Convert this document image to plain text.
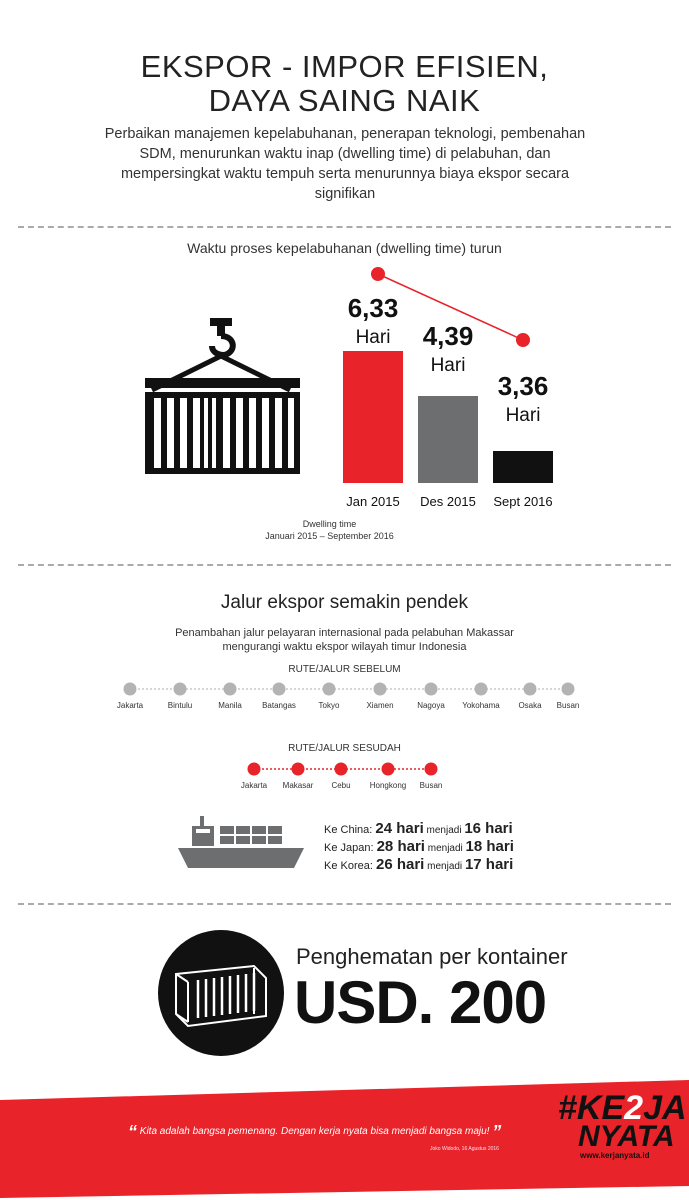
EKSPOR - IMPOR EFISIEN,
DAYA SAING NAIK
Perbaikan manajemen kepelabuhanan, penerapan teknologi, pembenahan SDM, menurunkan waktu inap (dwelling time) di pelabuhan, dan mempersingkat waktu tempuh serta menurunnya biaya ekspor secara signifikan
Waktu proses kepelabuhanan (dwelling time) turun
6,33
Hari
Jan 2015
4,39
Hari
Des 2015
3,36
Hari
Sept 2016
Dwelling time
Januari 2015 – September 2016
Jalur ekspor semakin pendek
Penambahan jalur pelayaran internasional pada pelabuhan Makassar
mengurangi waktu ekspor wilayah timur Indonesia
RUTE/JALUR SEBELUM
Jakarta	Bintulu	Manila	Batangas	Tokyo	Xiamen	Nagoya	Yokohama	Osaka	Busan
RUTE/JALUR SESUDAH
Jakarta	Makasar	Cebu	Hongkong	Busan
Ke China: 24 hari menjadi 16 hari
Ke Japan: 28 hari menjadi 18 hari
Ke Korea: 26 hari menjadi 17 hari
Penghematan per kontainer
USD. 200
“ Kita adalah bangsa pemenang. Dengan kerja nyata bisa menjadi bangsa maju! ”
Joko Widodo, 16 Agustus 2016
#KE2JA
NYATA
www.kerjanyata.id
